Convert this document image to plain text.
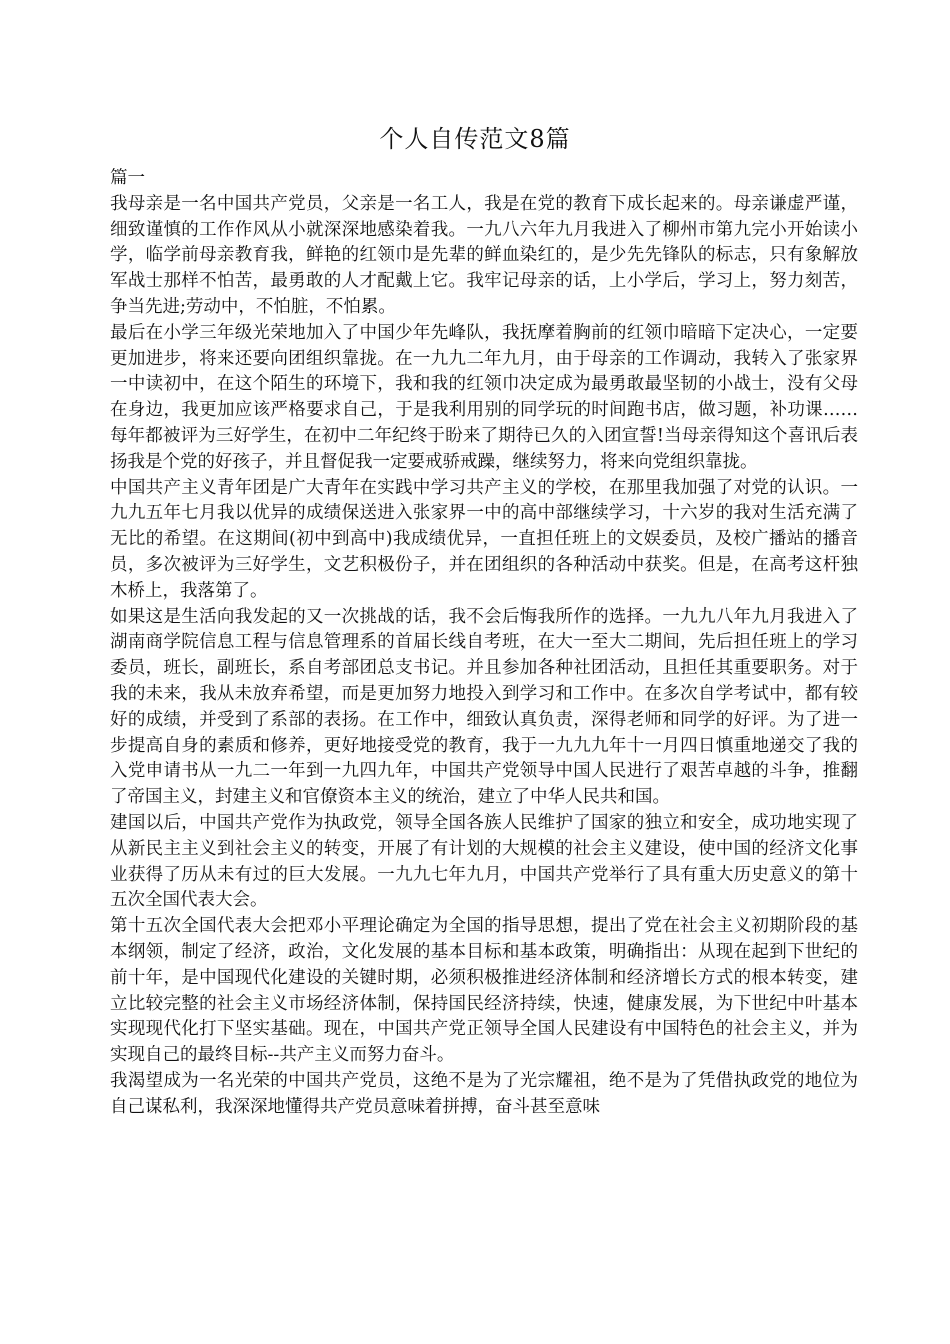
个人自传范文8篇

篇一

我母亲是一名中国共产党员，父亲是一名工人，我是在党的教育下成长起来的。母亲谦虚严谨，细致谨慎的工作作风从小就深深地感染着我。一九八六年九月我进入了柳州市第九完小开始读小学，临学前母亲教育我，鲜艳的红领巾是先辈的鲜血染红的，是少先先锋队的标志，只有象解放军战士那样不怕苦，最勇敢的人才配戴上它。我牢记母亲的话，上小学后，学习上，努力刻苦，争当先进;劳动中，不怕脏，不怕累。

最后在小学三年级光荣地加入了中国少年先峰队，我抚摩着胸前的红领巾暗暗下定决心，一定要更加进步，将来还要向团组织靠拢。在一九九二年九月，由于母亲的工作调动，我转入了张家界一中读初中，在这个陌生的环境下，我和我的红领巾决定成为最勇敢最坚韧的小战士，没有父母在身边，我更加应该严格要求自己，于是我利用别的同学玩的时间跑书店，做习题，补功课……每年都被评为三好学生，在初中二年纪终于盼来了期待已久的入团宣誓!当母亲得知这个喜讯后表扬我是个党的好孩子，并且督促我一定要戒骄戒躁，继续努力，将来向党组织靠拢。

中国共产主义青年团是广大青年在实践中学习共产主义的学校，在那里我加强了对党的认识。一九九五年七月我以优异的成绩保送进入张家界一中的高中部继续学习，十六岁的我对生活充满了无比的希望。在这期间(初中到高中)我成绩优异，一直担任班上的文娱委员，及校广播站的播音员，多次被评为三好学生，文艺积极份子，并在团组织的各种活动中获奖。但是，在高考这杆独木桥上，我落第了。

如果这是生活向我发起的又一次挑战的话，我不会后悔我所作的选择。一九九八年九月我进入了湖南商学院信息工程与信息管理系的首届长线自考班，在大一至大二期间，先后担任班上的学习委员，班长，副班长，系自考部团总支书记。并且参加各种社团活动，且担任其重要职务。对于我的未来，我从未放弃希望，而是更加努力地投入到学习和工作中。在多次自学考试中，都有较好的成绩，并受到了系部的表扬。在工作中，细致认真负责，深得老师和同学的好评。为了进一步提高自身的素质和修养，更好地接受党的教育，我于一九九九年十一月四日慎重地递交了我的入党申请书从一九二一年到一九四九年，中国共产党领导中国人民进行了艰苦卓越的斗争，推翻了帝国主义，封建主义和官僚资本主义的统治，建立了中华人民共和国。

建国以后，中国共产党作为执政党，领导全国各族人民维护了国家的独立和安全，成功地实现了从新民主主义到社会主义的转变，开展了有计划的大规模的社会主义建设，使中国的经济文化事业获得了历从未有过的巨大发展。一九九七年九月，中国共产党举行了具有重大历史意义的第十五次全国代表大会。

第十五次全国代表大会把邓小平理论确定为全国的指导思想，提出了党在社会主义初期阶段的基本纲领，制定了经济，政治，文化发展的基本目标和基本政策，明确指出：从现在起到下世纪的前十年，是中国现代化建设的关键时期，必须积极推进经济体制和经济增长方式的根本转变，建立比较完整的社会主义市场经济体制，保持国民经济持续，快速，健康发展，为下世纪中叶基本实现现代化打下坚实基础。现在，中国共产党正领导全国人民建设有中国特色的社会主义，并为实现自己的最终目标--共产主义而努力奋斗。

我渴望成为一名光荣的中国共产党员，这绝不是为了光宗耀祖，绝不是为了凭借执政党的地位为自己谋私利，我深深地懂得共产党员意味着拼搏，奋斗甚至意味
